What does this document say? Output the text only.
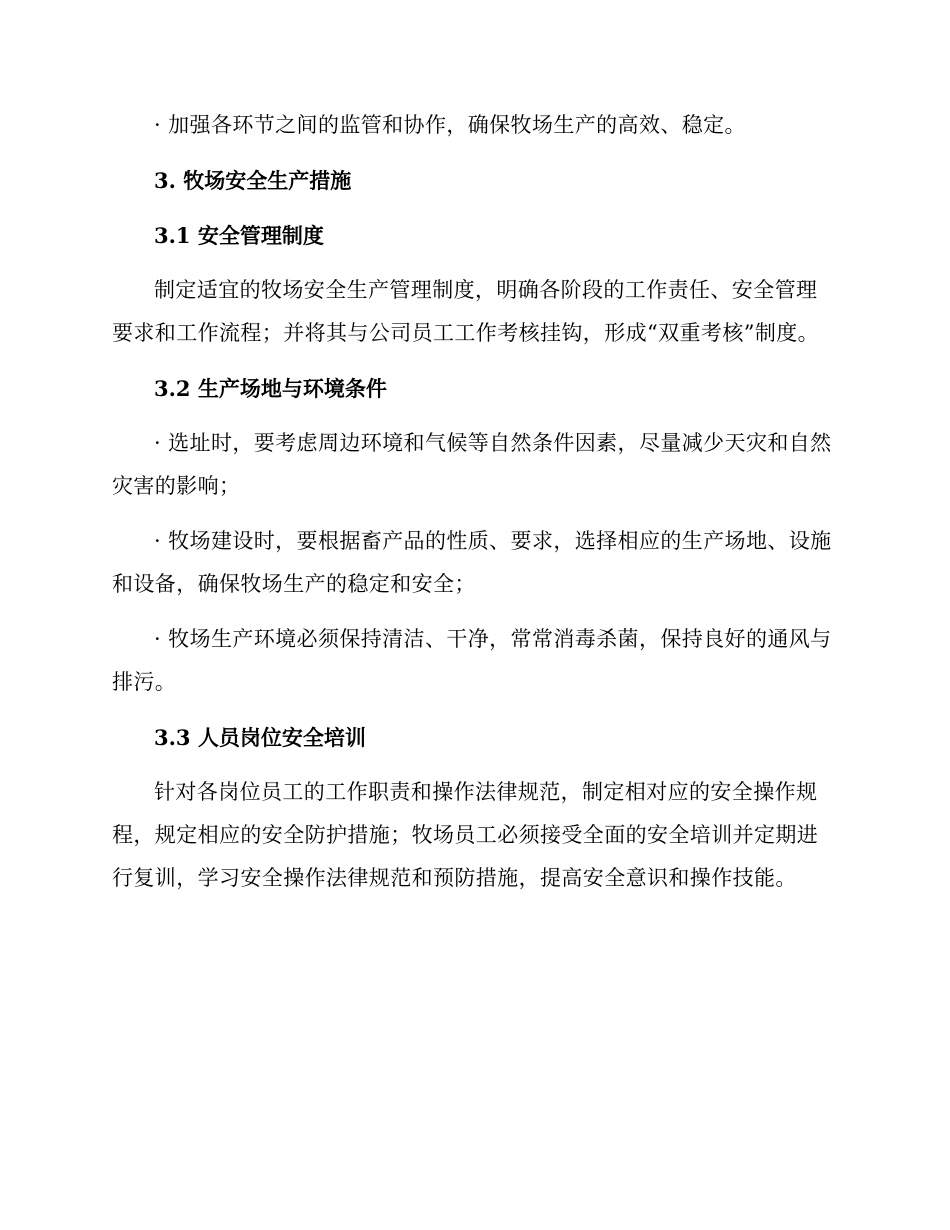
· 加强各环节之间的监管和协作，确保牧场生产的高效、稳定。

3. 牧场安全生产措施
3.1 安全管理制度

制定适宜的牧场安全生产管理制度，明确各阶段的工作责任、安全管理要求和工作流程；并将其与公司员工工作考核挂钩，形成“双重考核”制度。

3.2 生产场地与环境条件

· 选址时，要考虑周边环境和气候等自然条件因素，尽量减少天灾和自然灾害的影响；

· 牧场建设时，要根据畜产品的性质、要求，选择相应的生产场地、设施和设备，确保牧场生产的稳定和安全；

· 牧场生产环境必须保持清洁、干净，常常消毒杀菌，保持良好的通风与排污。

3.3 人员岗位安全培训

针对各岗位员工的工作职责和操作法律规范，制定相对应的安全操作规程，规定相应的安全防护措施；牧场员工必须接受全面的安全培训并定期进行复训，学习安全操作法律规范和预防措施，提高安全意识和操作技能。
